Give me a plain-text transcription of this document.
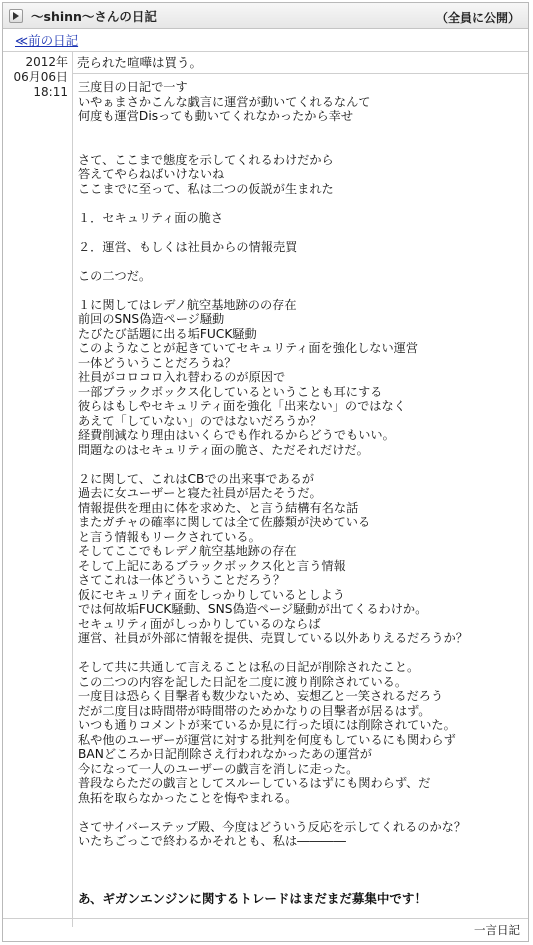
〜shinn〜さんの日記	（全員に公開）
≪前の日記
2012年
06月06日
18:11
売られた喧嘩は買う。
三度目の日記で一す
いやぁまさかこんな戯言に運営が動いてくれるなんて
何度も運営Disっても動いてくれなかったから幸せ
さて、ここまで態度を示してくれるわけだから
答えてやらねばいけないね
ここまでに至って、私は二つの仮説が生まれた
１．セキュリティ面の脆さ
２．運営、もしくは社員からの情報売買
この二つだ。
１に関してはレデノ航空基地跡のの存在
前回のSNS偽造ページ騒動
たびたび話題に出る垢FUCK騒動
このようなことが起きていてセキュリティ面を強化しない運営
一体どういうことだろうね？
社員がコロコロ入れ替わるのが原因で
一部ブラックボックス化しているということも耳にする
彼らはもしやセキュリティ面を強化「出来ない」のではなく
あえて「していない」のではないだろうか？
経費削減なり理由はいくらでも作れるからどうでもいい。
問題なのはセキュリティ面の脆さ、ただそれだけだ。
２に関して、これはCBでの出来事であるが
過去に女ユーザーと寝た社員が居たそうだ。
情報提供を理由に体を求めた、と言う結構有名な話
またガチャの確率に関しては全て佐藤類が決めている
と言う情報もリークされている。
そしてここでもレデノ航空基地跡の存在
そして上記にあるブラックボックス化と言う情報
さてこれは一体どういうことだろう？
仮にセキュリティ面をしっかりしているとしよう
では何故垢FUCK騒動、SNS偽造ページ騒動が出てくるわけか。
セキュリティ面がしっかりしているのならば
運営、社員が外部に情報を提供、売買している以外ありえるだろうか？
そして共に共通して言えることは私の日記が削除されたこと。
この二つの内容を記した日記を二度に渡り削除されている。
一度目は恐らく目撃者も数少ないため、妄想乙と一笑されるだろう
だが二度目は時間帯が時間帯のためかなりの目撃者が居るはず。
いつも通りコメントが来ているか見に行った頃には削除されていた。
私や他のユーザーが運営に対する批判を何度もしているにも関わらず
BANどころか日記削除さえ行われなかったあの運営が
今になって一人のユーザーの戯言を消しに走った。
普段ならただの戯言としてスルーしているはずにも関わらず、だ
魚拓を取らなかったことを悔やまれる。
さてサイバーステップ殿、今度はどういう反応を示してくれるのかな？
いたちごっこで終わるかそれとも、私は――――
あ、ギガンエンジンに関するトレードはまだまだ募集中です！
一言日記
